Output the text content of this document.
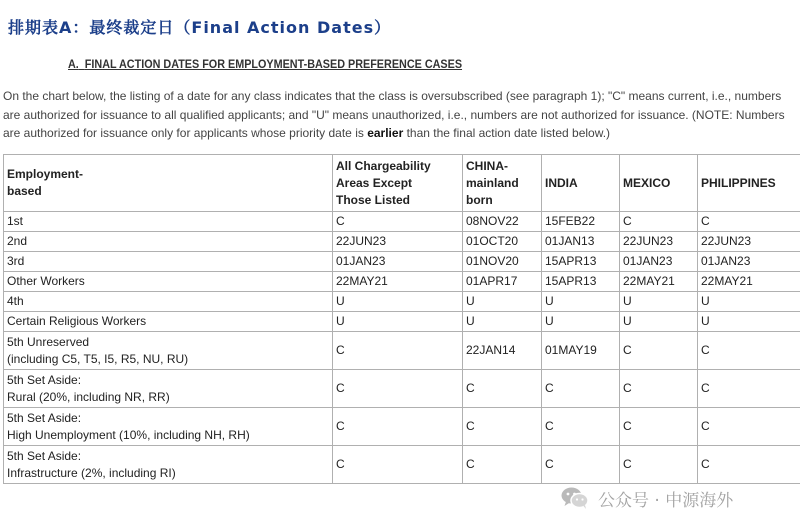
排期表A：最终裁定日（Final Action Dates）

A. FINAL ACTION DATES FOR EMPLOYMENT-BASED PREFERENCE CASES

On the chart below, the listing of a date for any class indicates that the class is oversubscribed (see paragraph 1); "C" means current, i.e., numbers are authorized for issuance to all qualified applicants; and "U" means unauthorized, i.e., numbers are not authorized for issuance. (NOTE: Numbers are authorized for issuance only for applicants whose priority date is earlier than the final action date listed below.)

Employment-
based	All Chargeability
Areas Except
Those Listed	CHINA-
mainland
born	INDIA	MEXICO	PHILIPPINES
1st	C	08NOV22	15FEB22	C	C
2nd	22JUN23	01OCT20	01JAN13	22JUN23	22JUN23
3rd	01JAN23	01NOV20	15APR13	01JAN23	01JAN23
Other Workers	22MAY21	01APR17	15APR13	22MAY21	22MAY21
4th	U	U	U	U	U
Certain Religious Workers	U	U	U	U	U
5th Unreserved
(including C5, T5, I5, R5, NU, RU)	C	22JAN14	01MAY19	C	C
5th Set Aside:
Rural (20%, including NR, RR)	C	C	C	C	C
5th Set Aside:
High Unemployment (10%, including NH, RH)	C	C	C	C	C
5th Set Aside:
Infrastructure (2%, including RI)	C	C	C	C	C
公众号 · 中源海外
